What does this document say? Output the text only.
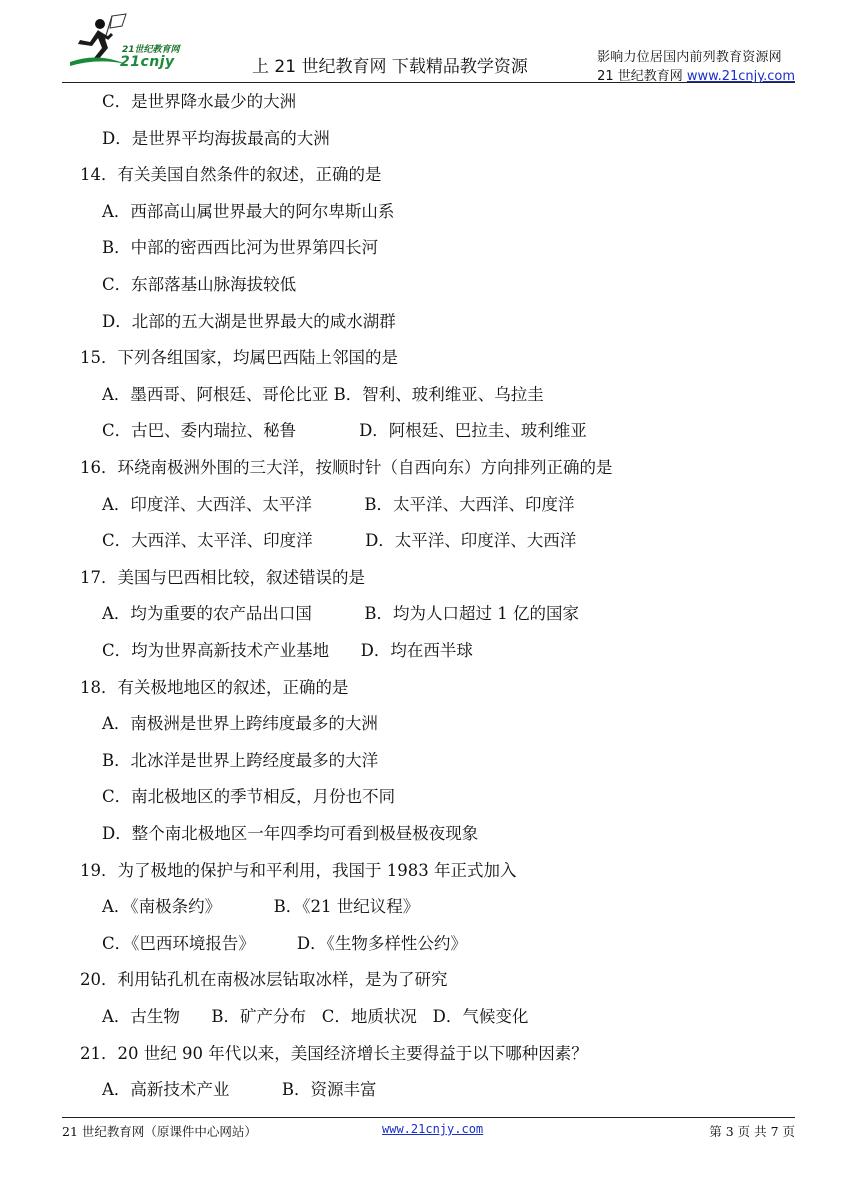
21世纪教育网
21cnjy	上 21 世纪教育网 下载精品教学资源	影响力位居国内前列教育资源网
21 世纪教育网 www.21cnjy.com
C．是世界降水最少的大洲
D．是世界平均海拔最高的大洲
14．有关美国自然条件的叙述，正确的是
A．西部高山属世界最大的阿尔卑斯山系
B．中部的密西西比河为世界第四长河
C．东部落基山脉海拔较低
D．北部的五大湖是世界最大的咸水湖群
15．下列各组国家，均属巴西陆上邻国的是
A．墨西哥、阿根廷、哥伦比亚 B．智利、玻利维亚、乌拉圭
C．古巴、委内瑞拉、秘鲁            D．阿根廷、巴拉圭、玻利维亚
16．环绕南极洲外围的三大洋，按顺时针（自西向东）方向排列正确的是
A．印度洋、大西洋、太平洋          B．太平洋、大西洋、印度洋
C．大西洋、太平洋、印度洋          D．太平洋、印度洋、大西洋
17．美国与巴西相比较，叙述错误的是
A．均为重要的农产品出口国          B．均为人口超过 1 亿的国家
C．均为世界高新技术产业基地      D．均在西半球
18．有关极地地区的叙述，正确的是
A．南极洲是世界上跨纬度最多的大洲
B．北冰洋是世界上跨经度最多的大洋
C．南北极地区的季节相反，月份也不同
D．整个南北极地区一年四季均可看到极昼极夜现象
19．为了极地的保护与和平利用，我国于 1983 年正式加入
A．《南极条约》          B．《21 世纪议程》
C．《巴西环境报告》        D．《生物多样性公约》
20．利用钻孔机在南极冰层钻取冰样，是为了研究
A．古生物      B．矿产分布   C．地质状况   D．气候变化
21．20 世纪 90 年代以来，美国经济增长主要得益于以下哪种因素？
A．高新技术产业          B．资源丰富
21 世纪教育网（原课件中心网站）	www.21cnjy.com	第 3 页 共 7 页
